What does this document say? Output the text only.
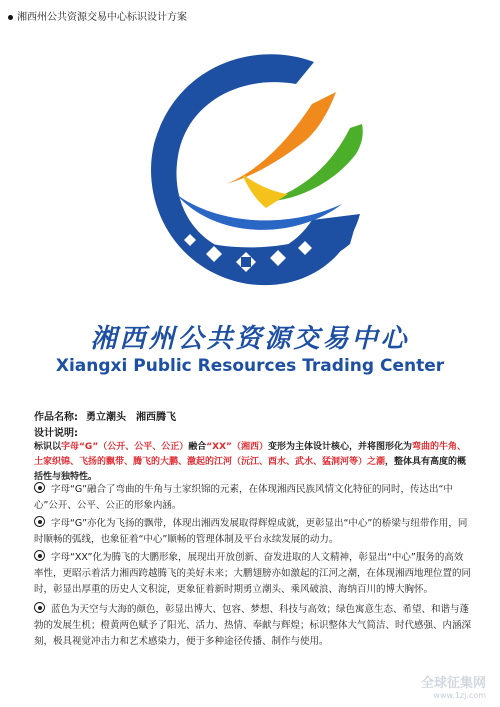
湘西州公共资源交易中心标识设计方案
湘西州公共资源交易中心
Xiangxi Public Resources Trading Center
作品名称: 勇立潮头　湘西腾飞
设计说明:
标识以字母“G”（公开、公平、公正）融合“XX”（湘西）变形为主体设计核心，并将图形化为弯曲的牛角、土家织锦、飞扬的飘带、腾飞的大鹏、激起的江河（沅江、酉水、武水、猛洞河等）之潮，整体具有高度的概括性与独特性。
字母“G”融合了弯曲的牛角与土家织锦的元素，在体现湘西民族风情文化特征的同时，传达出“中心”公开、公平、公正的形象内涵。
字母“G”亦化为飞扬的飘带，体现出湘西发展取得辉煌成就，更彰显出“中心”的桥梁与纽带作用，同时顺畅的弧线，也象征着“中心”顺畅的管理体制及平台永续发展的动力。
字母“XX”化为腾飞的大鹏形象，展现出开放创新、奋发进取的人文精神，彰显出“中心”服务的高效率性，更昭示着活力湘西跨越腾飞的美好未来；大鹏翅膀亦如激起的江河之潮，在体现湘西地理位置的同时，彰显出厚重的历史人文积淀，更象征着新时期勇立潮头、乘风破浪、海纳百川的博大胸怀。
蓝色为天空与大海的颜色，彰显出博大、包容、梦想、科技与高效；绿色寓意生态、希望、和谐与蓬勃的发展生机；橙黄两色赋予了阳光、活力、热情、奉献与辉煌；标识整体大气简洁、时代感强、内涵深刻，极具视觉冲击力和艺术感染力，便于多种途径传播、制作与使用。
全球征集网
www.1zj.com
